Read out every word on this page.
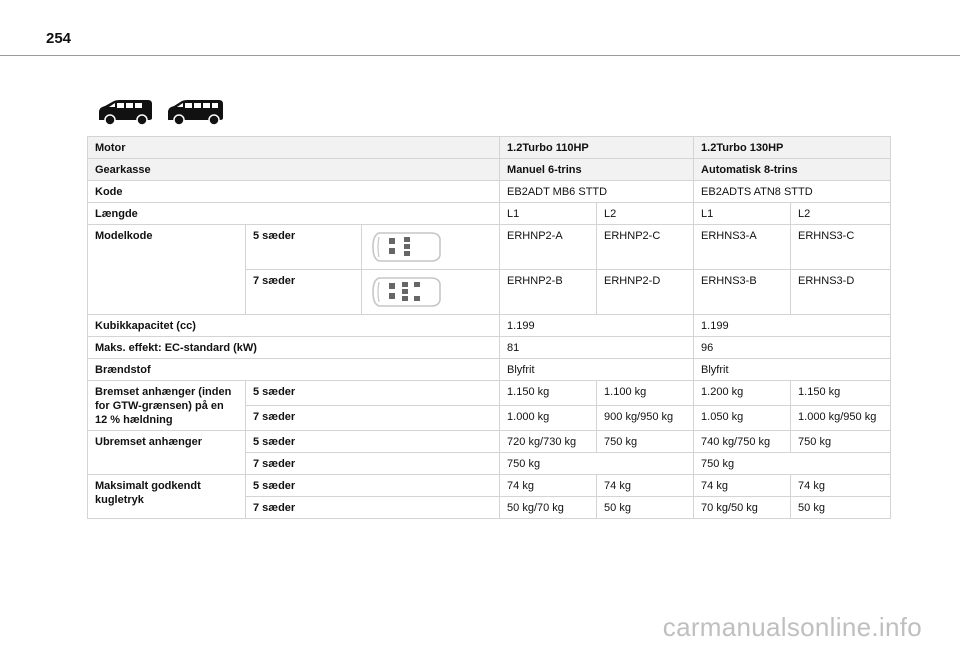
254

Motor			1.2Turbo 110HP		1.2Turbo 130HP	
Gearkasse			Manuel 6-trins		Automatisk 8-trins	
Kode			EB2ADT MB6 STTD		EB2ADTS ATN8 STTD	
Længde			L1	L2	L1	L2
Modelkode	5 sæder		ERHNP2-A	ERHNP2-C	ERHNS3-A	ERHNS3-C
	7 sæder		ERHNP2-B	ERHNP2-D	ERHNS3-B	ERHNS3-D
Kubikkapacitet (cc)			1.199		1.199	
Maks. effekt: EC-standard (kW)			81		96	
Brændstof			Blyfrit		Blyfrit	
Bremset anhænger (inden for GTW-grænsen) på en 12 % hældning	5 sæder		1.150 kg	1.100 kg	1.200 kg	1.150 kg
	7 sæder		1.000 kg	900 kg/950 kg	1.050 kg	1.000 kg/950 kg
Ubremset anhænger	5 sæder		720 kg/730 kg	750 kg	740 kg/750 kg	750 kg
	7 sæder		750 kg		750 kg	
Maksimalt godkendt kugletryk	5 sæder		74 kg	74 kg	74 kg	74 kg
	7 sæder		50 kg/70 kg	50 kg	70 kg/50 kg	50 kg
carmanualsonline.info
